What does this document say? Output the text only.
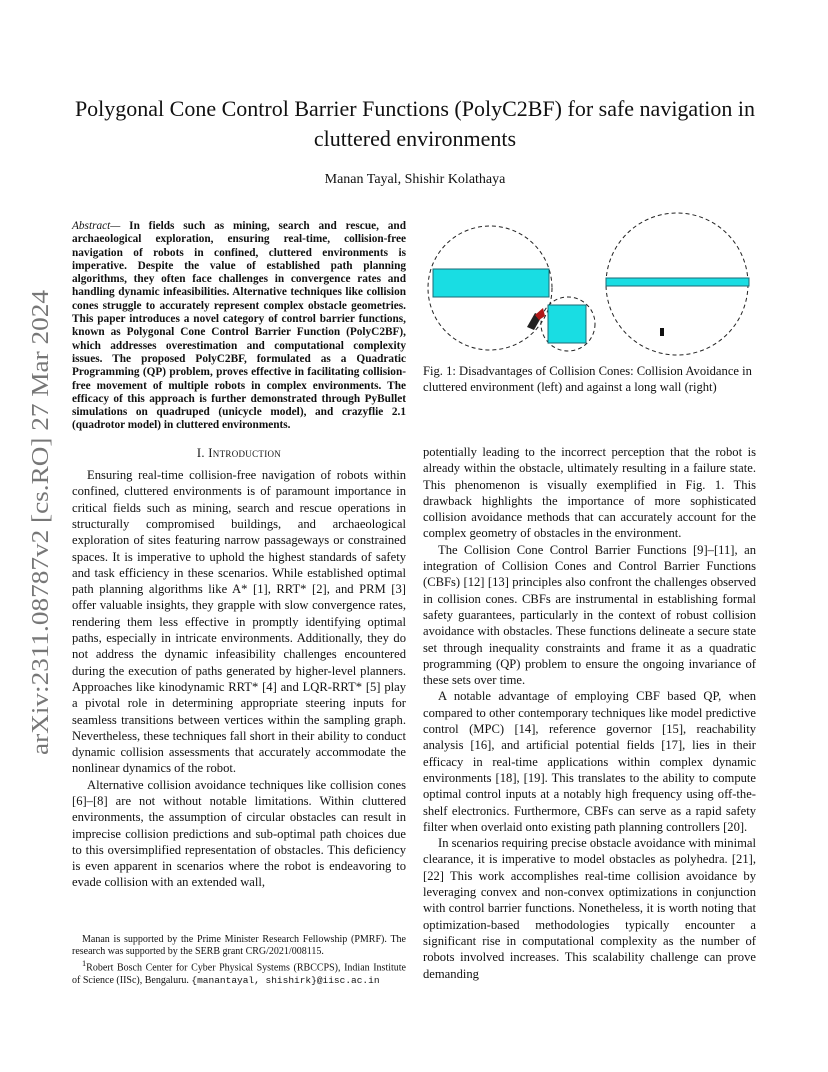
arXiv:2311.08787v2 [cs.RO] 27 Mar 2024
Polygonal Cone Control Barrier Functions (PolyC2BF) for safe navigation in cluttered environments
Manan Tayal, Shishir Kolathaya
Abstract— In fields such as mining, search and rescue, and archaeological exploration, ensuring real-time, collision-free navigation of robots in confined, cluttered environments is imperative. Despite the value of established path planning algorithms, they often face challenges in convergence rates and handling dynamic infeasibilities. Alternative techniques like collision cones struggle to accurately represent complex obstacle geometries. This paper introduces a novel category of control barrier functions, known as Polygonal Cone Control Barrier Function (PolyC2BF), which addresses overestimation and computational complexity issues. The proposed PolyC2BF, formulated as a Quadratic Programming (QP) problem, proves effective in facilitating collision-free movement of multiple robots in complex environments. The efficacy of this approach is further demonstrated through PyBullet simulations on quadruped (unicycle model), and crazyflie 2.1 (quadrotor model) in cluttered environments.
I. Introduction

Ensuring real-time collision-free navigation of robots within confined, cluttered environments is of paramount importance in critical fields such as mining, search and rescue operations in structurally compromised buildings, and archaeological exploration of sites featuring narrow passageways or constrained spaces. It is imperative to uphold the highest standards of safety and task efficiency in these scenarios. While established optimal path planning algorithms like A* [1], RRT* [2], and PRM [3] offer valuable insights, they grapple with slow convergence rates, rendering them less effective in promptly identifying optimal paths, especially in intricate environments. Additionally, they do not address the dynamic infeasibility challenges encountered during the execution of paths generated by higher-level planners. Approaches like kinodynamic RRT* [4] and LQR-RRT* [5] play a pivotal role in determining appropriate steering inputs for seamless transitions between vertices within the sampling graph. Nevertheless, these techniques fall short in their ability to conduct dynamic collision assessments that accurately accommodate the nonlinear dynamics of the robot.

Alternative collision avoidance techniques like collision cones [6]–[8] are not without notable limitations. Within cluttered environments, the assumption of circular obstacles can result in imprecise collision predictions and sub-optimal path choices due to this oversimplified representation of obstacles. This deficiency is even apparent in scenarios where the robot is endeavoring to evade collision with an extended wall,

Manan is supported by the Prime Minister Research Fellowship (PMRF). The research was supported by the SERB grant CRG/2021/008115.

$^1$Robert Bosch Center for Cyber Physical Systems (RBCCPS), Indian Institute of Science (IISc), Bengaluru. {manantayal, shishirk}@iisc.ac.in

Fig. 1: Disadvantages of Collision Cones: Collision Avoidance in cluttered environment (left) and against a long wall (right)

potentially leading to the incorrect perception that the robot is already within the obstacle, ultimately resulting in a failure state. This phenomenon is visually exemplified in Fig. 1. This drawback highlights the importance of more sophisticated collision avoidance methods that can accurately account for the complex geometry of obstacles in the environment.

The Collision Cone Control Barrier Functions [9]–[11], an integration of Collision Cones and Control Barrier Functions (CBFs) [12] [13] principles also confront the challenges observed in collision cones. CBFs are instrumental in establishing formal safety guarantees, particularly in the context of robust collision avoidance with obstacles. These functions delineate a secure state set through inequality constraints and frame it as a quadratic programming (QP) problem to ensure the ongoing invariance of these sets over time.

A notable advantage of employing CBF based QP, when compared to other contemporary techniques like model predictive control (MPC) [14], reference governor [15], reachability analysis [16], and artificial potential fields [17], lies in their efficacy in real-time applications within complex dynamic environments [18], [19]. This translates to the ability to compute optimal control inputs at a notably high frequency using off-the-shelf electronics. Furthermore, CBFs can serve as a rapid safety filter when overlaid onto existing path planning controllers [20].

In scenarios requiring precise obstacle avoidance with minimal clearance, it is imperative to model obstacles as polyhedra. [21], [22] This work accomplishes real-time collision avoidance by leveraging convex and non-convex optimizations in conjunction with control barrier functions. Nonetheless, it is worth noting that optimization-based methodologies typically encounter a significant rise in computational complexity as the number of robots involved increases. This scalability challenge can prove demanding
